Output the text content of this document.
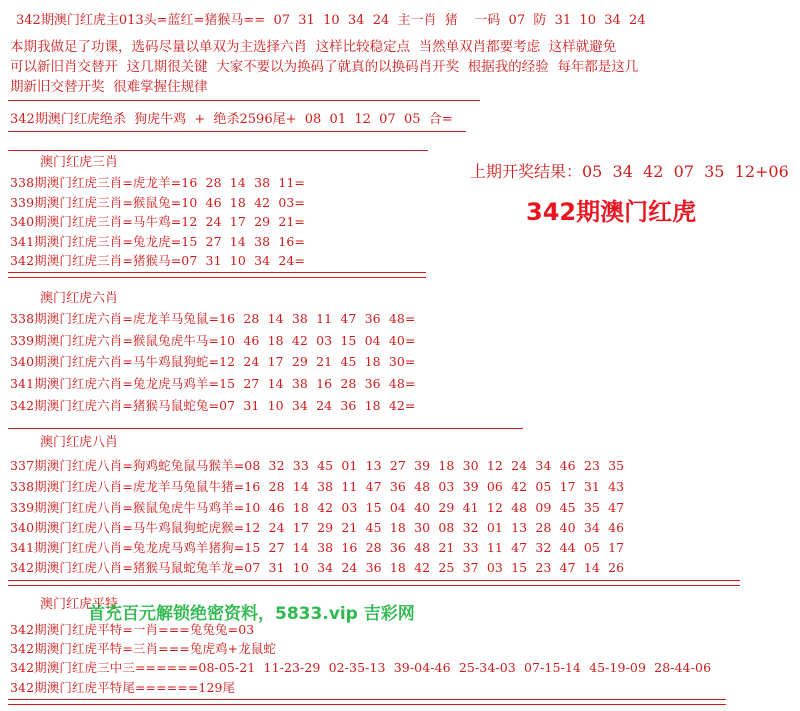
342期澳门红虎主013头=蓝红=猪猴马==  07  31  10  34  24  主一肖  猪    一码  07  防  31  10  34  24
本期我做足了功课，选码尽量以单双为主选择六肖  这样比较稳定点  当然单双肖都要考虑  这样就避免
可以新旧肖交替开  这几期很关键  大家不要以为换码了就真的以换码肖开奖  根据我的经验  每年都是这几
期新旧交替开奖  很难掌握住规律
342期澳门红虎绝杀  狗虎牛鸡  +  绝杀2596尾+  08  01  12  07  05  合=
澳门红虎三肖
338期澳门红虎三肖=虎龙羊=16  28  14  38  11=
339期澳门红虎三肖=猴鼠兔=10  46  18  42  03=
340期澳门红虎三肖=马牛鸡=12  24  17  29  21=
341期澳门红虎三肖=兔龙虎=15  27  14  38  16=
342期澳门红虎三肖=猪猴马=07  31  10  34  24=
上期开奖结果：05  34  42  07  35  12+06
342期澳门红虎
澳门红虎六肖
338期澳门红虎六肖=虎龙羊马兔鼠=16  28  14  38  11  47  36  48=
339期澳门红虎六肖=猴鼠兔虎牛马=10  46  18  42  03  15  04  40=
340期澳门红虎六肖=马牛鸡鼠狗蛇=12  24  17  29  21  45  18  30=
341期澳门红虎六肖=兔龙虎马鸡羊=15  27  14  38  16  28  36  48=
342期澳门红虎六肖=猪猴马鼠蛇兔=07  31  10  34  24  36  18  42=
澳门红虎八肖
337期澳门红虎八肖=狗鸡蛇兔鼠马猴羊=08  32  33  45  01  13  27  39  18  30  12  24  34  46  23  35
338期澳门红虎八肖=虎龙羊马兔鼠牛猪=16  28  14  38  11  47  36  48  03  39  06  42  05  17  31  43
339期澳门红虎八肖=猴鼠兔虎牛马鸡羊=10  46  18  42  03  15  04  40  29  41  12  48  09  45  35  47
340期澳门红虎八肖=马牛鸡鼠狗蛇虎猴=12  24  17  29  21  45  18  30  08  32  01  13  28  40  34  46
341期澳门红虎八肖=兔龙虎马鸡羊猪狗=15  27  14  38  16  28  36  48  21  33  11  47  32  44  05  17
342期澳门红虎八肖=猪猴马鼠蛇兔羊龙=07  31  10  34  24  36  18  42  25  37  03  15  23  47  14  26
澳门红虎平特
342期澳门红虎平特=一肖===兔兔兔=03
342期澳门红虎平特=三肖===兔虎鸡+龙鼠蛇
342期澳门红虎三中三======08-05-21  11-23-29  02-35-13  39-04-46  25-34-03  07-15-14  45-19-09  28-44-06
342期澳门红虎平特尾======129尾
首充百元解锁绝密资料，5833.vip 吉彩网
